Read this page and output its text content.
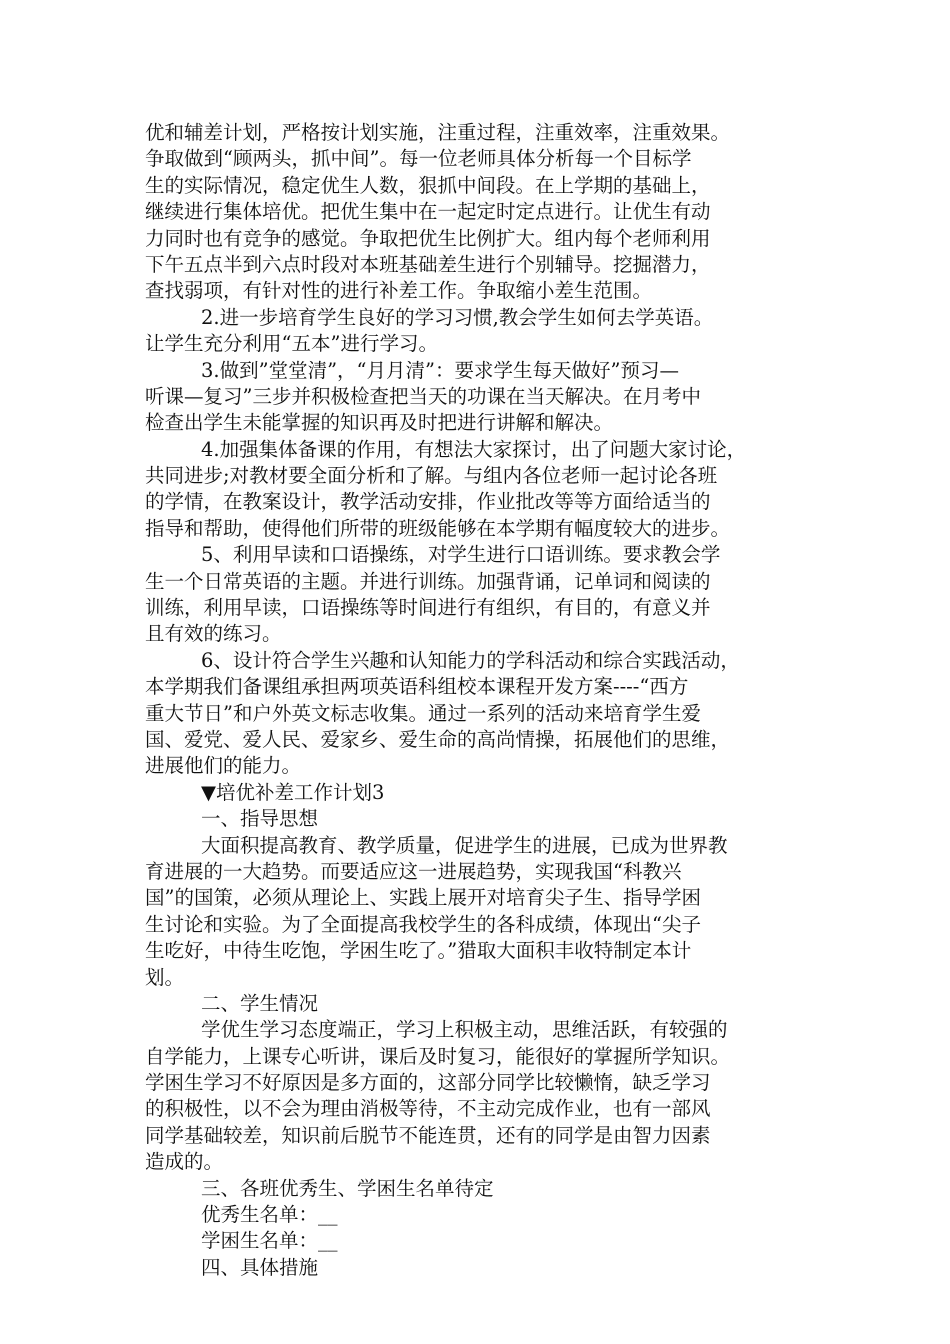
优和辅差计划，严格按计划实施，注重过程，注重效率，注重效果。
争取做到“顾两头，抓中间”。每一位老师具体分析每一个目标学
生的实际情况，稳定优生人数，狠抓中间段。在上学期的基础上，
继续进行集体培优。把优生集中在一起定时定点进行。让优生有动
力同时也有竞争的感觉。争取把优生比例扩大。组内每个老师利用
下午五点半到六点时段对本班基础差生进行个别辅导。挖掘潜力，
查找弱项，有针对性的进行补差工作。争取缩小差生范围。
2.进一步培育学生良好的学习习惯,教会学生如何去学英语。
让学生充分利用“五本”进行学习。
3.做到”堂堂清”，“月月清”：要求学生每天做好”预习—
听课—复习”三步并积极检查把当天的功课在当天解决。在月考中
检查出学生未能掌握的知识再及时把进行讲解和解决。
4.加强集体备课的作用，有想法大家探讨，出了问题大家讨论，
共同进步;对教材要全面分析和了解。与组内各位老师一起讨论各班
的学情，在教案设计，教学活动安排，作业批改等等方面给适当的
指导和帮助，使得他们所带的班级能够在本学期有幅度较大的进步。
5、利用早读和口语操练，对学生进行口语训练。要求教会学
生一个日常英语的主题。并进行训练。加强背诵，记单词和阅读的
训练，利用早读，口语操练等时间进行有组织，有目的，有意义并
且有效的练习。
6、设计符合学生兴趣和认知能力的学科活动和综合实践活动，
本学期我们备课组承担两项英语科组校本课程开发方案----“西方
重大节日”和户外英文标志收集。通过一系列的活动来培育学生爱
国、爱党、爱人民、爱家乡、爱生命的高尚情操，拓展他们的思维，
进展他们的能力。
▼培优补差工作计划3
一、指导思想
大面积提高教育、教学质量，促进学生的进展，已成为世界教
育进展的一大趋势。而要适应这一进展趋势，实现我国“科教兴
国”的国策，必须从理论上、实践上展开对培育尖子生、指导学困
生讨论和实验。为了全面提高我校学生的各科成绩，体现出“尖子
生吃好，中待生吃饱，学困生吃了。”猎取大面积丰收特制定本计
划。
二、学生情况
学优生学习态度端正，学习上积极主动，思维活跃，有较强的
自学能力，上课专心听讲，课后及时复习，能很好的掌握所学知识。
学困生学习不好原因是多方面的，这部分同学比较懒惰，缺乏学习
的积极性，以不会为理由消极等待，不主动完成作业，也有一部风
同学基础较差，知识前后脱节不能连贯，还有的同学是由智力因素
造成的。
三、各班优秀生、学困生名单待定
优秀生名单：__
学困生名单：__
四、具体措施
